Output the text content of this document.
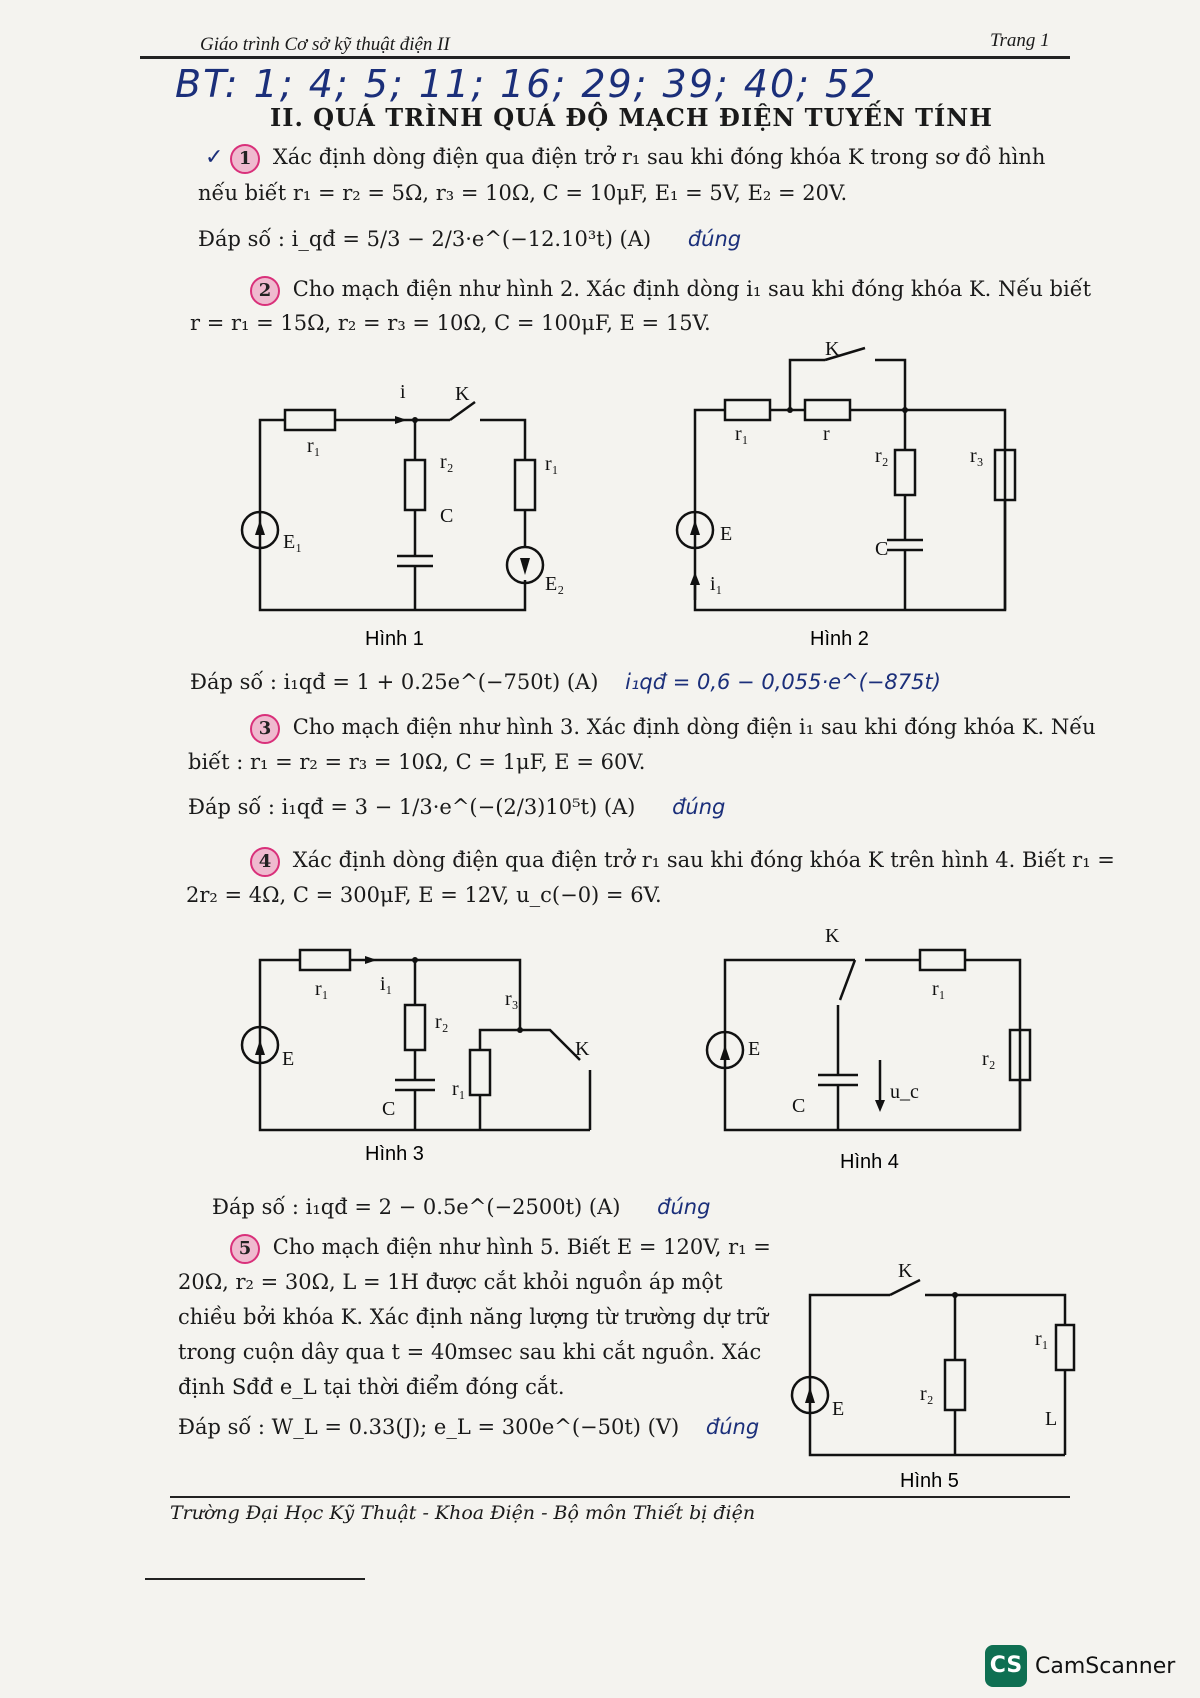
Giáo trình Cơ sở kỹ thuật điện II	Trang 1
BT: 1; 4; 5; 11; 16; 29; 39; 40; 52
II. QUÁ TRÌNH QUÁ ĐỘ MẠCH ĐIỆN TUYẾN TÍNH
✓ 1 Xác định dòng điện qua điện trở r₁ sau khi đóng khóa K trong sơ đồ hình
nếu biết r₁ = r₂ = 5Ω, r₃ = 10Ω, C = 10μF, E₁ = 5V, E₂ = 20V.
Đáp số : i_qđ = 5/3 − 2/3·e^(−12.10³t) (A) đúng
2 Cho mạch điện như hình 2. Xác định dòng i₁ sau khi đóng khóa K. Nếu biết
r = r₁ = 15Ω, r₂ = r₃ = 10Ω, C = 100μF, E = 15V.
r₁
r₂
C
r₁
E₂
E₁
i K
r₁	r
r₂	r₃
C
E
i₁
K
Hình 1	Hình 2
Đáp số : i₁qđ = 1 + 0.25e^(−750t) (A) i₁qđ = 0,6 − 0,055·e^(−875t)
3 Cho mạch điện như hình 3. Xác định dòng điện i₁ sau khi đóng khóa K. Nếu
biết : r₁ = r₂ = r₃ = 10Ω, C = 1μF, E = 60V.
Đáp số : i₁qđ = 3 − 1/3·e^(−(2/3)10⁵t) (A) đúng
4 Xác định dòng điện qua điện trở r₁ sau khi đóng khóa K trên hình 4. Biết r₁ =
2r₂ = 4Ω, C = 300μF, E = 12V, u_c(−0) = 6V.
r₁	i₁
r₂
r₃
r₁
C
E	K
K
r₁
r₂
E
C
u_c
Hình 3	Hình 4
Đáp số : i₁qđ = 2 − 0.5e^(−2500t) (A) đúng
5 Cho mạch điện như hình 5. Biết E = 120V, r₁ =
20Ω, r₂ = 30Ω, L = 1H được cắt khỏi nguồn áp một
chiều bởi khóa K. Xác định năng lượng từ trường dự trữ
trong cuộn dây qua t = 40msec sau khi cắt nguồn. Xác
định Sđđ e_L tại thời điểm đóng cắt.
Đáp số : W_L = 0.33(J); e_L = 300e^(−50t) (V) đúng
K
r₂
r₁
E	L
Hình 5
Trường Đại Học Kỹ Thuật - Khoa Điện - Bộ môn Thiết bị điện
CS CamScanner
